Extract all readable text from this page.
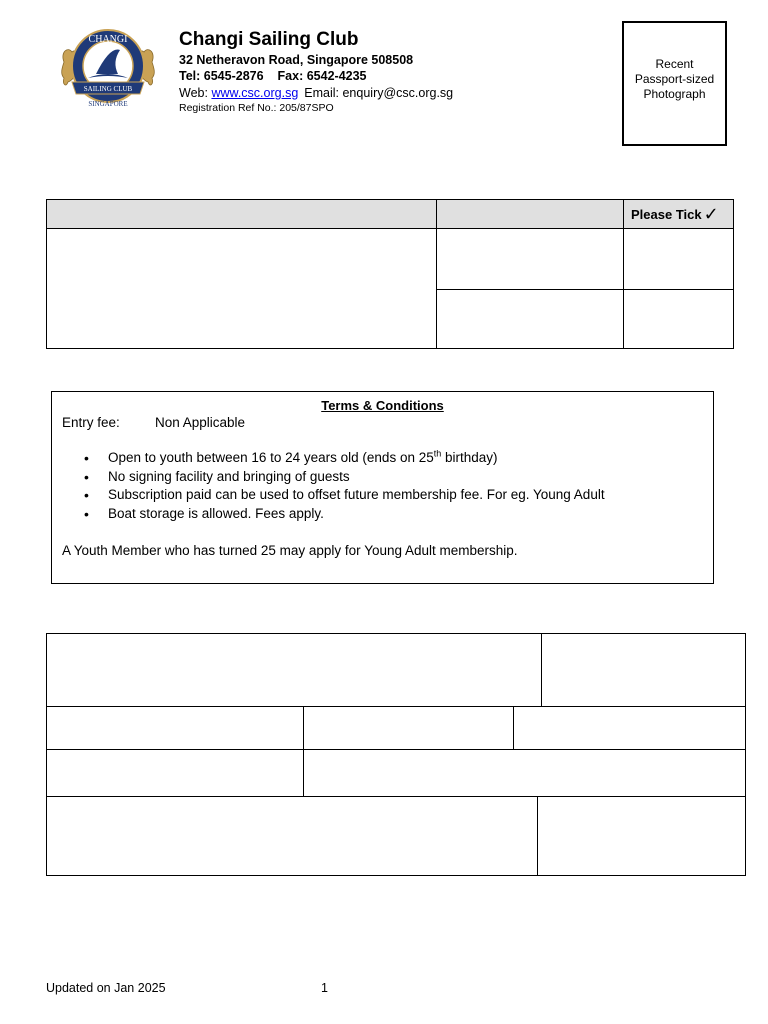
CHANGI
SAILING CLUB
SINGAPORE
Changi Sailing Club
32 Netheravon Road, Singapore 508508
Tel: 6545-2876 Fax: 6542-4235
Web: www.csc.org.sg Email: enquiry@csc.org.sg
Registration Ref No.: 205/87SPO
Recent
Passport-sized
Photograph
Please Tick ✓
Terms & Conditions
Entry fee:	Non Applicable
• Open to youth between 16 to 24 years old (ends on 25th birthday)
• No signing facility and bringing of guests
• Subscription paid can be used to offset future membership fee. For eg. Young Adult
• Boat storage is allowed. Fees apply.
A Youth Member who has turned 25 may apply for Young Adult membership.
Updated on Jan 2025	1
